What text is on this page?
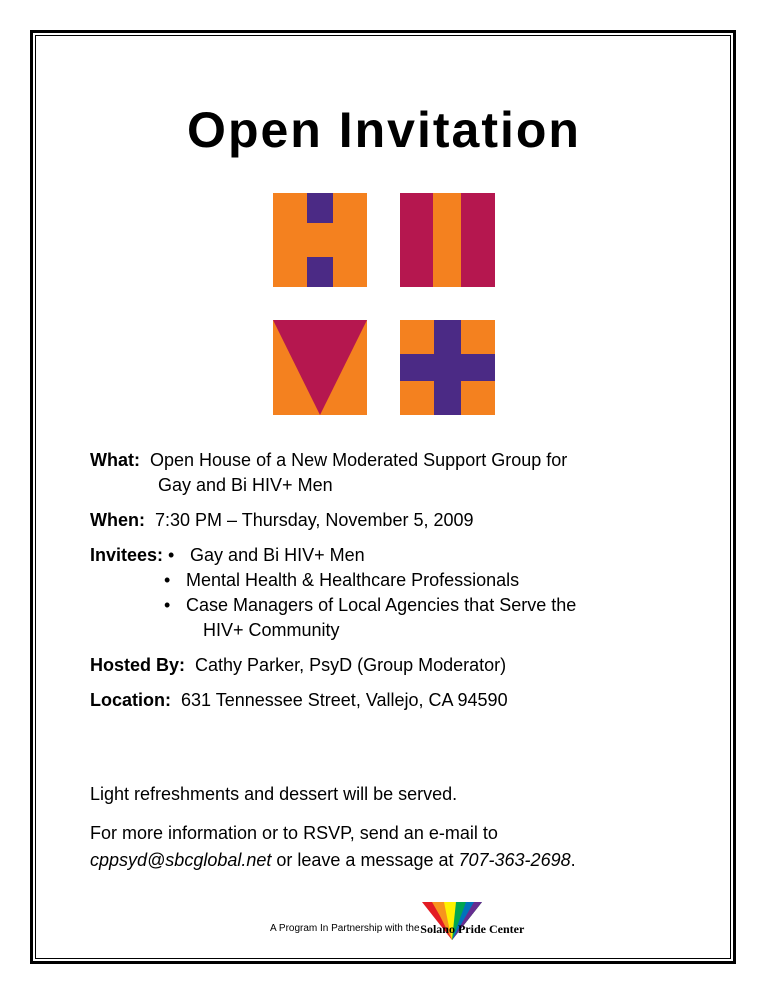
Open Invitation
What: Open House of a New Moderated Support Group for
Gay and Bi HIV+ Men
When: 7:30 PM – Thursday, November 5, 2009
Invitees:
• Gay and Bi HIV+ Men
• Mental Health & Healthcare Professionals
• Case Managers of Local Agencies that Serve the
HIV+ Community
Hosted By: Cathy Parker, PsyD (Group Moderator)
Location: 631 Tennessee Street, Vallejo, CA 94590
Light refreshments and dessert will be served.
For more information or to RSVP, send an e-mail to
cppsyd@sbcglobal.net or leave a message at 707-363-2698.
A Program In Partnership with the
Solano Pride Center
